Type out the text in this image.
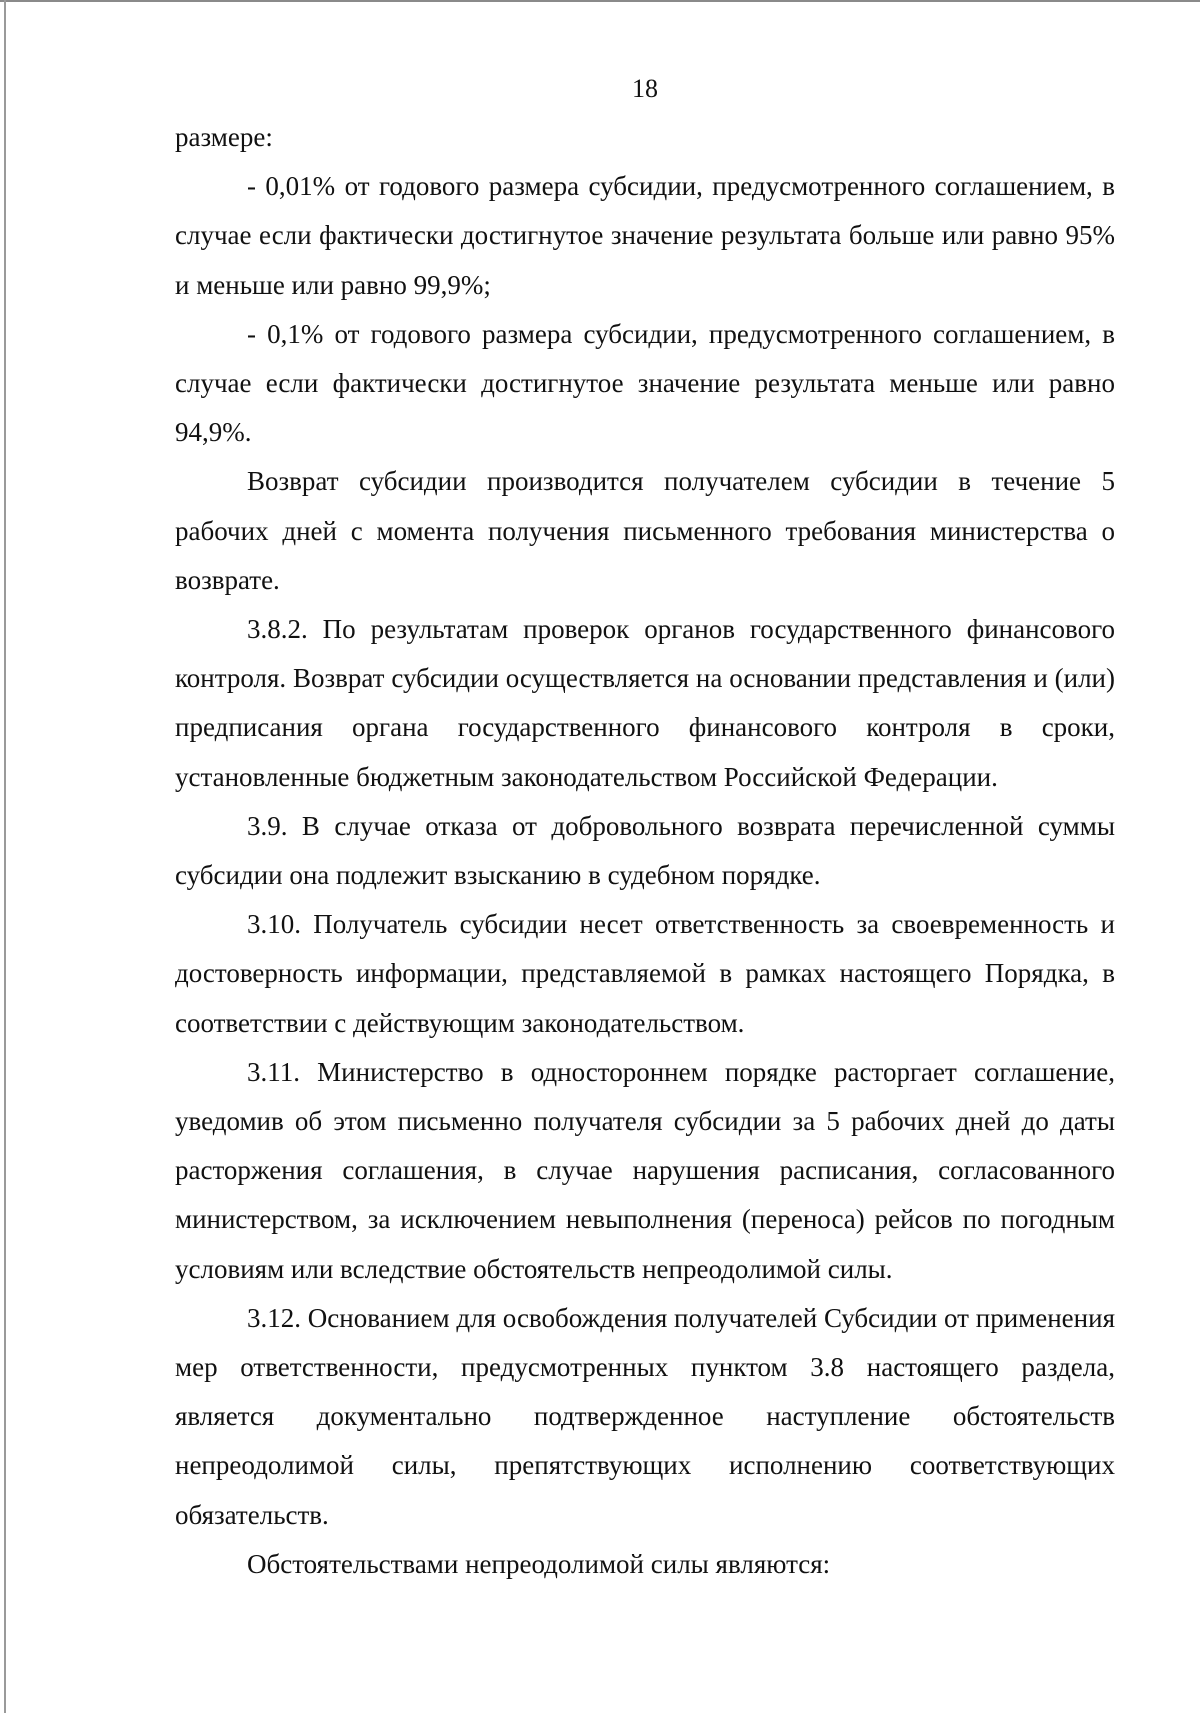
18

размере:

- 0,01% от годового размера субсидии, предусмотренного соглашением, в случае если фактически достигнутое значение результата больше или равно 95% и меньше или равно 99,9%;

- 0,1% от годового размера субсидии, предусмотренного соглашением, в случае если фактически достигнутое значение результата меньше или равно 94,9%.

Возврат субсидии производится получателем субсидии в течение 5 рабочих дней с момента получения письменного требования министерства о возврате.

3.8.2. По результатам проверок органов государственного финансового контроля. Возврат субсидии осуществляется на основании представления и (или) предписания органа государственного финансового контроля в сроки, установленные бюджетным законодательством Российской Федерации.

3.9. В случае отказа от добровольного возврата перечисленной суммы субсидии она подлежит взысканию в судебном порядке.

3.10. Получатель субсидии несет ответственность за своевременность и достоверность информации, представляемой в рамках настоящего Порядка, в соответствии с действующим законодательством.

3.11. Министерство в одностороннем порядке расторгает соглашение, уведомив об этом письменно получателя субсидии за 5 рабочих дней до даты расторжения соглашения, в случае нарушения расписания, согласованного министерством, за исключением невыполнения (переноса) рейсов по погодным условиям или вследствие обстоятельств непреодолимой силы.

3.12. Основанием для освобождения получателей Субсидии от применения мер ответственности, предусмотренных пунктом 3.8 настоящего раздела, является документально подтвержденное наступление обстоятельств непреодолимой силы, препятствующих исполнению соответствующих обязательств.

Обстоятельствами непреодолимой силы являются:
